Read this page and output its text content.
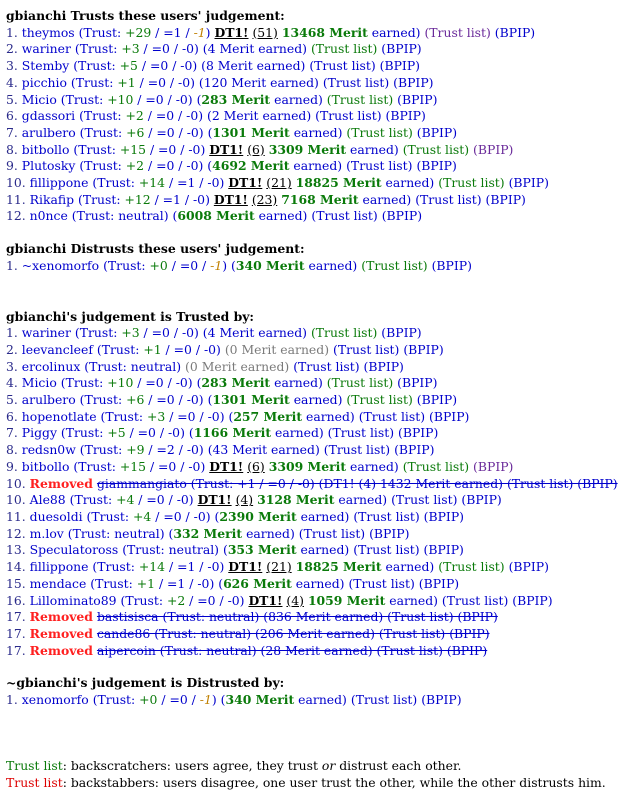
gbianchi Trusts these users' judgement:
1. theymos (Trust: +29 / =1 / -1) DT1! (51) 13468 Merit earned) (Trust list) (BPIP)
2. wariner (Trust: +3 / =0 / -0) (4 Merit earned) (Trust list) (BPIP)
3. Stemby (Trust: +5 / =0 / -0) (8 Merit earned) (Trust list) (BPIP)
4. picchio (Trust: +1 / =0 / -0) (120 Merit earned) (Trust list) (BPIP)
5. Micio (Trust: +10 / =0 / -0) (283 Merit earned) (Trust list) (BPIP)
6. gdassori (Trust: +2 / =0 / -0) (2 Merit earned) (Trust list) (BPIP)
7. arulbero (Trust: +6 / =0 / -0) (1301 Merit earned) (Trust list) (BPIP)
8. bitbollo (Trust: +15 / =0 / -0) DT1! (6) 3309 Merit earned) (Trust list) (BPIP)
9. Plutosky (Trust: +2 / =0 / -0) (4692 Merit earned) (Trust list) (BPIP)
10. fillippone (Trust: +14 / =1 / -0) DT1! (21) 18825 Merit earned) (Trust list) (BPIP)
11. Rikafip (Trust: +12 / =1 / -0) DT1! (23) 7168 Merit earned) (Trust list) (BPIP)
12. n0nce (Trust: neutral) (6008 Merit earned) (Trust list) (BPIP)
gbianchi Distrusts these users' judgement:
1. ~xenomorfo (Trust: +0 / =0 / -1) (340 Merit earned) (Trust list) (BPIP)
gbianchi's judgement is Trusted by:
1. wariner (Trust: +3 / =0 / -0) (4 Merit earned) (Trust list) (BPIP)
2. leevancleef (Trust: +1 / =0 / -0) (0 Merit earned) (Trust list) (BPIP)
3. ercolinux (Trust: neutral) (0 Merit earned) (Trust list) (BPIP)
4. Micio (Trust: +10 / =0 / -0) (283 Merit earned) (Trust list) (BPIP)
5. arulbero (Trust: +6 / =0 / -0) (1301 Merit earned) (Trust list) (BPIP)
6. hopenotlate (Trust: +3 / =0 / -0) (257 Merit earned) (Trust list) (BPIP)
7. Piggy (Trust: +5 / =0 / -0) (1166 Merit earned) (Trust list) (BPIP)
8. redsn0w (Trust: +9 / =2 / -0) (43 Merit earned) (Trust list) (BPIP)
9. bitbollo (Trust: +15 / =0 / -0) DT1! (6) 3309 Merit earned) (Trust list) (BPIP)
10. Removed giammangiato (Trust: +1 / =0 / -0) (DT1! (4) 1432 Merit earned) (Trust list) (BPIP)
10. Ale88 (Trust: +4 / =0 / -0) DT1! (4) 3128 Merit earned) (Trust list) (BPIP)
11. duesoldi (Trust: +4 / =0 / -0) (2390 Merit earned) (Trust list) (BPIP)
12. m.lov (Trust: neutral) (332 Merit earned) (Trust list) (BPIP)
13. Speculatoross (Trust: neutral) (353 Merit earned) (Trust list) (BPIP)
14. fillippone (Trust: +14 / =1 / -0) DT1! (21) 18825 Merit earned) (Trust list) (BPIP)
15. mendace (Trust: +1 / =1 / -0) (626 Merit earned) (Trust list) (BPIP)
16. Lillominato89 (Trust: +2 / =0 / -0) DT1! (4) 1059 Merit earned) (Trust list) (BPIP)
17. Removed bastisisca (Trust: neutral) (836 Merit earned) (Trust list) (BPIP)
17. Removed cande86 (Trust: neutral) (206 Merit earned) (Trust list) (BPIP)
17. Removed aipercoin (Trust: neutral) (28 Merit earned) (Trust list) (BPIP)
~gbianchi's judgement is Distrusted by:
1. xenomorfo (Trust: +0 / =0 / -1) (340 Merit earned) (Trust list) (BPIP)
Trust list: backscratchers: users agree, they trust or distrust each other.
Trust list: backstabbers: users disagree, one user trust the other, while the other distrusts him.
